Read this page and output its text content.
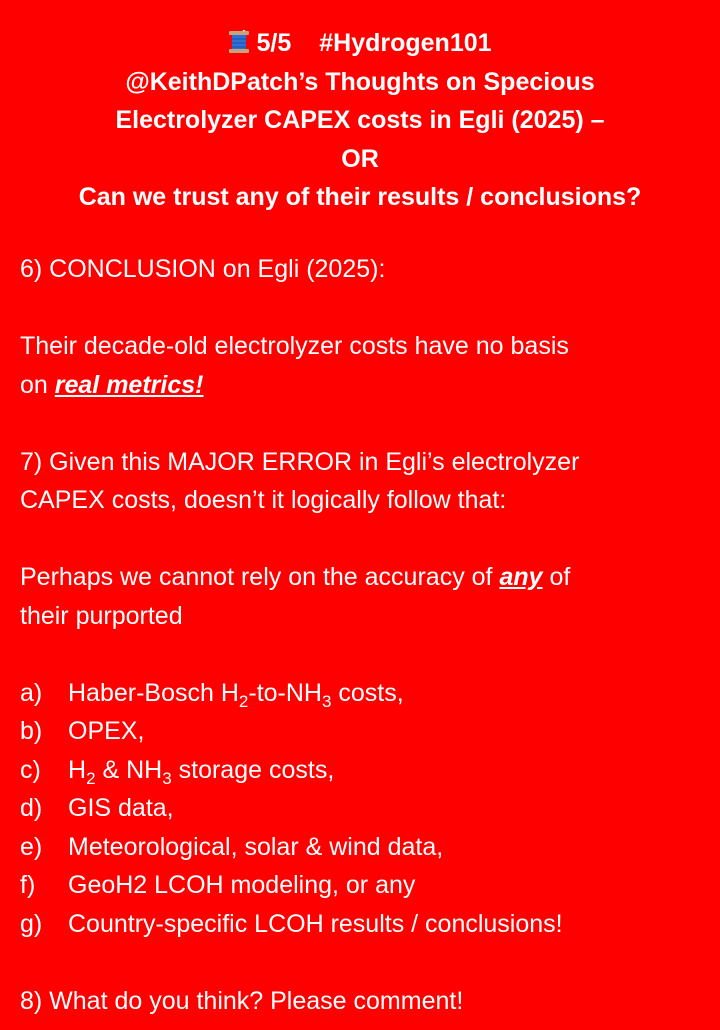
5/5 #Hydrogen101
@KeithDPatch’s Thoughts on Specious
Electrolyzer CAPEX costs in Egli (2025) –
OR
Can we trust any of their results / conclusions?
6) CONCLUSION on Egli (2025):
Their decade-old electrolyzer costs have no basis
on real metrics!
7) Given this MAJOR ERROR in Egli’s electrolyzer
CAPEX costs, doesn’t it logically follow that:
Perhaps we cannot rely on the accuracy of any of
their purported
a) Haber-Bosch $H_2-to-NH_3$ costs,
b) OPEX,
c) $H_2$ & $NH_3$ storage costs,
d) GIS data,
e) Meteorological, solar & wind data,
f) GeoH2 LCOH modeling, or any
g) Country-specific LCOH results / conclusions!
8) What do you think? Please comment!
